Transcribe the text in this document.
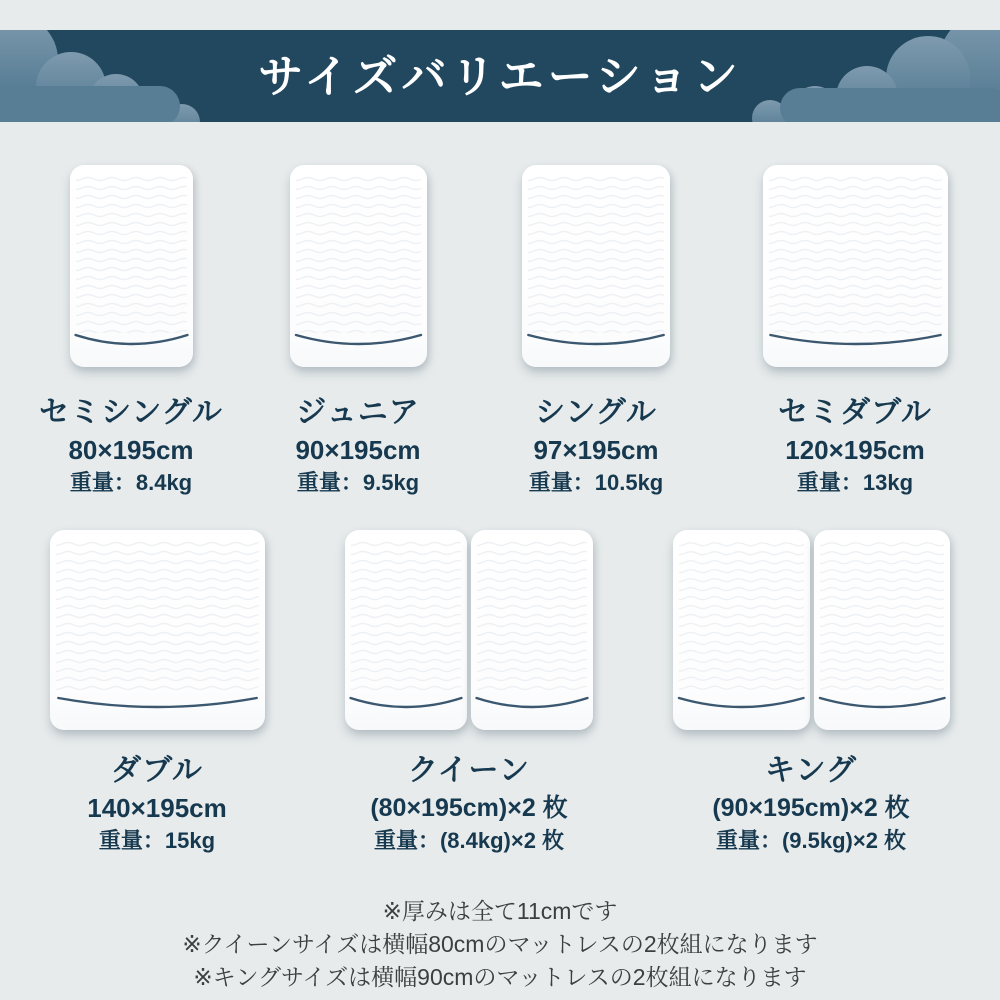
サイズバリエーション
セミシングル
80×195cm
重量：8.4kg
ジュニア
90×195cm
重量：9.5kg
シングル
97×195cm
重量：10.5kg
セミダブル
120×195cm
重量：13kg
ダブル
140×195cm
重量：15kg
クイーン
(80×195cm)×2 枚
重量：(8.4kg)×2 枚
キング
(90×195cm)×2 枚
重量：(9.5kg)×2 枚
※厚みは全て11cmです
※クイーンサイズは横幅80cmのマットレスの2枚組になります
※キングサイズは横幅90cmのマットレスの2枚組になります
